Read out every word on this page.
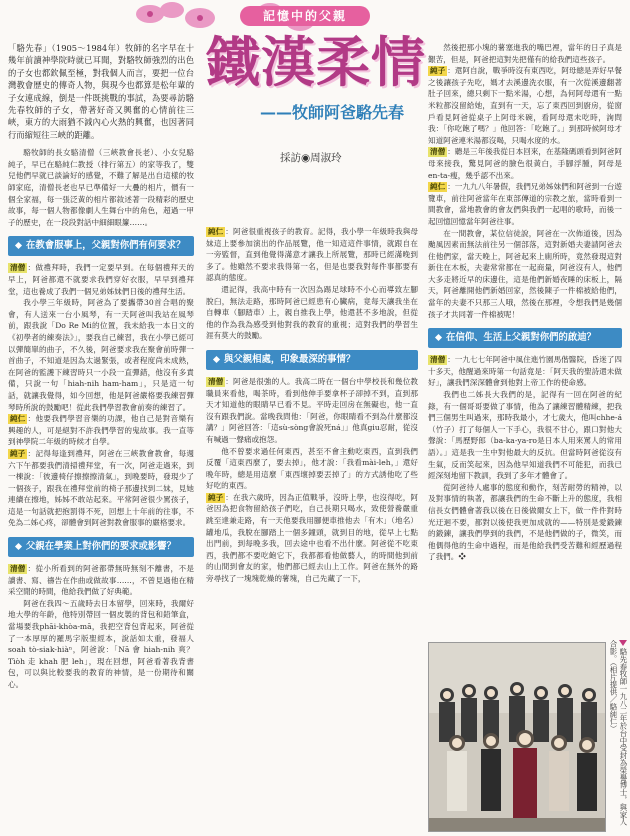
記憶中的父親
鐵漢柔情
——牧師阿爸駱先春
採訪◉周淑玲

「駱先春」（1905～1984年）牧師的名字早在十幾年前讀神學院時就已耳聞，對駱牧師強烈的出色的子女也都欽佩至極，對我個人而言，要把一位台灣教會歷史的傳奇人物，與現今也都算是松年輩的子女連成線，倒是一件既挑戰的事試，為要尋訪駱先春牧師的子女，帶著好奇又興奮的心情前往三峽，東方的大雨猶不減內心火熱的興奮，也因著同行而縮短往三峽的距離。

駱牧師的長女駱清僧（三峽教會長老）、小女兒駱純子，早已在駱純仁教授（排行第五）的家等我了，雙兒他們早就已談論好的感覺，不難了解是出自這樣的牧師家庭，清僧長老也早已準備好一大疊的相片，價有一個全家福，每一張泛黃的相片都敘述著一段精彩的歷史故事，每一個人物都像劇人生舞台中的角色，超過一甲子的歷史，在一段段對話中細細眼簾……。

在教會服事上，父親對你們有何要求？

清僧 ：做禮拜時，我們一定要早到。在每個禮拜天的早上，阿爸都還不就要求我們穿好衣服，早早到禮拜堂，這也養成了我們一個兄弟姊妹們日後的禮拜生活。

我小學三年級時，阿爸為了要攜帶30首合唱的聚會，有人送來一台小風琴，有一天阿爸叫我站在風琴前，跟我說「Do Re Mi的位置，我未給我一本日文的《初學者的練奏法》」，要我自己練習，我在小學已經可以彈簡單的曲子，不久後，阿爸要求我在聚會前時彈一首曲子，不知道是因為太過緊張，或者程度尚未成熟，在阿爸的監護下練習時只一小段一直彈錯，他沒有多責備，只說一句「hiah-nih ham-ham」，只是這一句話，就讓我覺得，如今回想，他是阿爸嚴格要我練習彈琴時所說的鼓勵吧！從此我們學習教會前奏的練習了。

純仁 ：他要我們學習音樂的功課，他自己是對音樂有興趣的人，可是絕對不許我們學習的鬼故事。我一直等到神學院二年級的時候才自學。

純子 ：記得每逢到禮拜，阿爸在三峽教會教會，每週六下午都要我們清掃禮拜堂，有一次，阿爸走過來，到一棟說：「彼邊椅仔擦擦擦清氣」，到晚要時，發現少了一個孩子，跟我在禮拜堂前的椅子那邊找到二妹，見她連續在擦地，姊姊不敢站起來。平常阿爸很少罵孩子，這是一句話就把抱罰得不死，回想上十年前的往事，不免為二姊心疼，卻體會到阿爸對教會服事的嚴格要求。

父親在學業上對你們的要求或影響？

清僧 ：從小所看到的阿爸都帶無時無刻不離書，不是讀書、寫、禱告在作曲或做故事……，不曾見過他在精采空閒的時間，他給我們做了好典範。

阿爸在我四～五歲時去日本留學，回來時，我爾好地大學的年齡，他特別帶回一個皮製的背包和鉛筆盒，當場要我phāi-khòa-mā，我把空背包背起來，阿爸從了一本厚厚的羅馬字版聖經本，說話如太重，發福人soah tò-siak-hiàⁿ，阿爸說：「Nā 會 hiah-nih 爽？Tìòh 走 khah 肥 leh」，現在回想，阿爸看著我背書包，可以與比較要我的教育的神情，是一份期待和關心。

純仁 ：阿爸很重視孩子的教育。記得，我小學一年級時我與母妹這上要參加演出的作品展覽，他一知這這件事情，就跟自在一旁監督，直到他覺得滿意才讓我上所展覽，那時已經滿晚到多了。他雖然不要求我得第一名，但是也要我對每件事都要有認真的態度。

還記得，我高中時有一次因為踢足球時不小心而導致左腳脫臼，無法走路，那時阿爸已經患有心臟病，竟每天讓我坐在自轉車（腳踏車）上，親自推我上學，他還甚不多地說，但從他的作為我為感受到他對我的教育的重視；這對我們的學習生涯有莫大的鼓勵。

與父親相處，印象最深的事情？

清僧 ：阿爸是很強的人。我高二時在一個台中學校長和幾位教職員來看他，喝茶時，看到他伸手要拿杯子卻掉不到，直到那天才知道他的眼睛早已看不見。平時走回房在無礙也，他一直沒有跟我們說。當晚我問他：「阿爸，你眼睛看不到為什麼都沒講？」阿爸回答：「這sù-sòng會說死ná」」他真giu忍耐，從沒有喊過一聲痛或抱怨。

他不曾要求過任何東西，甚至不會主動吃東西，直到我們反覆「這東西麼了，要去掉」，他才說：「我看mài-leh，」還好晚年時，總是用這麼「東西壞掉要丟掉了」的方式誘他吃了些好吃的東西。

純子 ：在我六歲時，因為正值戰爭，沒時上學，也沒得吃，阿爸因為把食物留給孩子們吃，自己長期只喝水，致使營養嚴重跳至達兼走路，有一天他要我用腳便車推他去「有木」（地名）罐地瓜，我脫在腳踏上一個多鐘頭，就到目的地，從早上七點出門前，到每晚多我，回去途中也看不出什麼。阿爸從不吃東西，我們都不要吃飽它下，我都都看他做藝人，的時間他到前的山間到會友的家，他們都已經去山上工作。阿爸在無外的路旁尋找了一塊塊乾燥的薯塊，自己先藏了一下，

然後把那小塊的薯塞進我的嘴巴裡，當年的日子真是艱苦，但是，阿爸把這對先把僅有的給我們這些孩子。

純子 ：還阿自說，戰爭時沒有東西吃，阿母總是弄好早餐之後讓孩子先吃，媽才去溪邊洗衣服，有一次從溪邊翻著肚子回來，總只剩下一點米湯，心想，為何阿母還有一點米粒都沒留給她，直到有一天，忘了東西回到廚房，從窗戶看見阿爸從桌子上阿母米碗，看阿母還未吃時，詢問我：「你吃飽了嗎？」他回答：「吃飽了。」到那時候阿母才知道阿爸連米湯都沒喝，只喝水度的水。

清僧 ：聽是三年後我從日本回來，在基隆碼頭看到阿爸阿母來接我，驚見阿爸的臉色很黃白，手腳浮腫，阿母是en-ta-瘦，幾乎認不出來。

純仁 ：一九九八年暑假，我們兄弟姊妹們和阿爸到一台遊覽車，前往阿爸當年在東部傳道的宗教之旅，當時看到一間教會，當地教會的會友們與我們一起唱的歌時，而後一起回憶回憶當年阿爸往事。

在一間教會，某位信徒說，阿爸在一次佈道後，因為颱風因素而無法前往另一個部落，這對新婚夫妻請阿爸去住他們家，當天晚上，阿爸起來上廁所時，竟然發現這對新住在木板，夫妻常常都在一起商量，阿爸沒有人，他們大多走將近早的床邊住，這是他們新婚夜睡的床板上，隔天，阿爸離開他們新婚回家，然後陳子一件棉被給他們，當年的夫妻不只那三人哦，然後在那裡，令想我們是幾個孩子才共同著一件棉被呢！

在信仰、生活上父親對你們的啟迪？

清僧 ：一九七七年阿爸中風住進竹園馬偕醫院，昏迷了四十多天，他醒過來時第一句話竟是：「阿天我的聖詩還未做好」，讓我們深深體會到他對上帝工作的使命感。

我們也二姊長大我們的是，記得有一回在阿爸的紀錄，有一個哥哥要做了事情，他為了讓練習體精練，把我們三個男生叫過來，那時我最小，才七歲大，他叫chhe-á（竹子）打了每個人一下手心，我很不甘心，跟口對他大聲說：「馬歷野郎（ba-ka-ya-ro是日本人用來罵人的常用語）。」這是我一生中對他最大的反抗。但當時阿爸從沒有生氣，反而笑起來，因為他早知道我們不可能犯，而我已經深刻地留下教訓，我到了多年才體會了。

從阿爸待人處事的態度和動作，刻苦耐勞的精神，以及對事情的執著，都讓我們的生命不斷上升的態度，我相信長女們體會著我以後在日後做爾女上下，做一件件對時光迂迴不要，都對以後使我更加成就的——特別是愛鍛鍊的鍛鍊，讓我們學到的我們，不是他們做的子，微笑，而他偶得他的生命中過程，而是他給我們受苦難和經歷過程了我們。❖

駱先春牧師一九八二年於台中受封為榮譽博士，與家人合影。（相片提供／駱純仁）
